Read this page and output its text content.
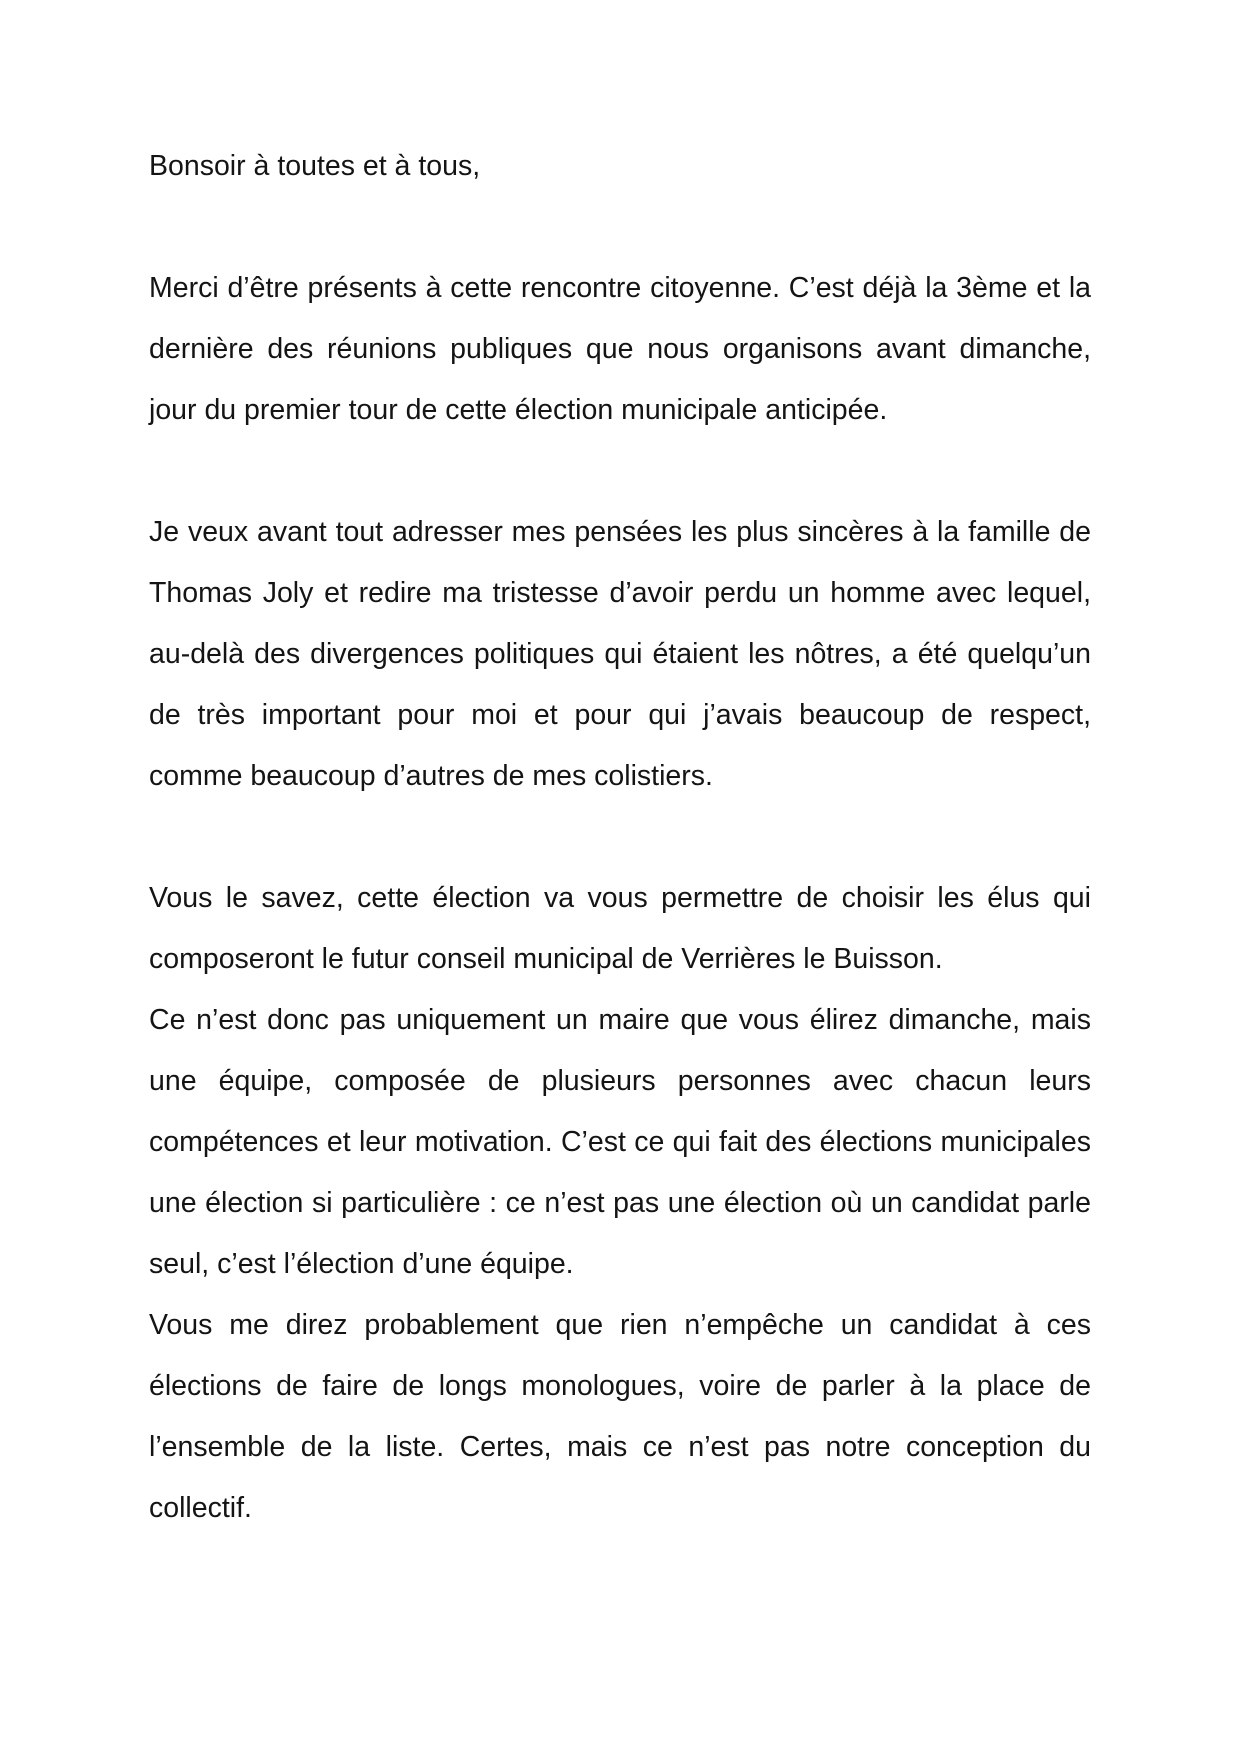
Bonsoir à toutes et à tous,

Merci d’être présents à cette rencontre citoyenne. C’est déjà la 3ème et la dernière des réunions publiques que nous organisons avant dimanche, jour du premier tour de cette élection municipale anticipée.

Je veux avant tout adresser mes pensées les plus sincères à la famille de Thomas Joly et redire ma tristesse d’avoir perdu un homme avec lequel, au-delà des divergences politiques qui étaient les nôtres, a été quelqu’un de très important pour moi et pour qui j’avais beaucoup de respect, comme beaucoup d’autres de mes colistiers.

Vous le savez, cette élection va vous permettre de choisir les élus qui composeront le futur conseil municipal de Verrières le Buisson.

Ce n’est donc pas uniquement un maire que vous élirez dimanche, mais une équipe, composée de plusieurs personnes avec chacun leurs compétences et leur motivation. C’est ce qui fait des élections municipales une élection si particulière : ce n’est pas une élection où un candidat parle seul, c’est l’élection d’une équipe.

Vous me direz probablement que rien n’empêche un candidat à ces élections de faire de longs monologues, voire de parler à la place de l’ensemble de la liste. Certes, mais ce n’est pas notre conception du collectif.
